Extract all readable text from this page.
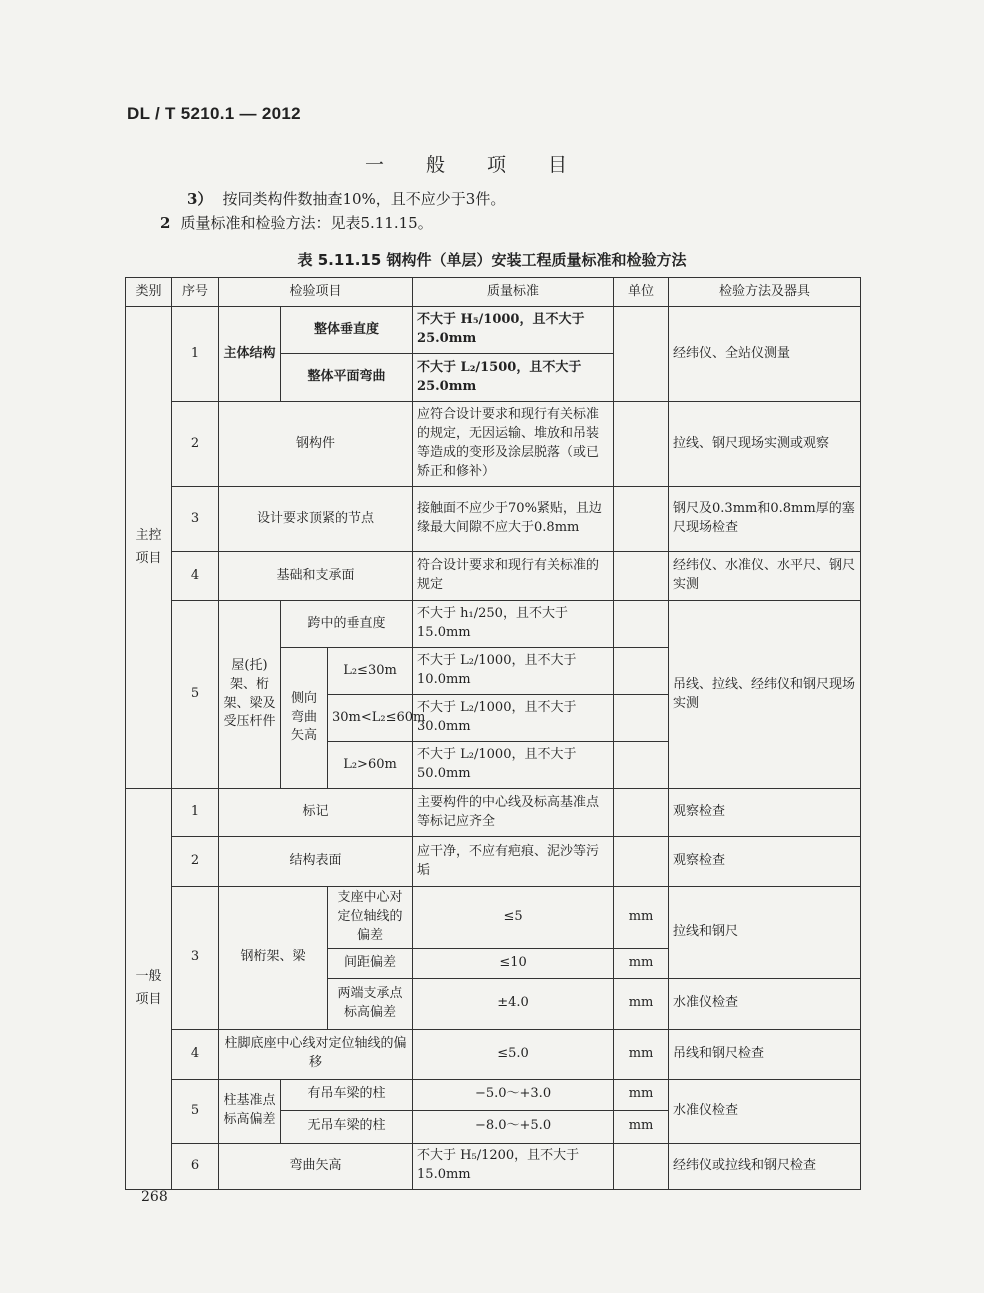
DL / T 5210.1 — 2012
一 般 项 目
3） 按同类构件数抽查10%，且不应少于3件。
2 质量标准和检验方法：见表5.11.15。
表 5.11.15 钢构件（单层）安装工程质量标准和检验方法
类别	序号	检验项目			质量标准	单位	检验方法及器具
主控项目	1	主体结构	整体垂直度		不大于 H₅/1000，且不大于25.0mm		经纬仪、全站仪测量
			整体平面弯曲		不大于 L₂/1500，且不大于25.0mm		
	2	钢构件			应符合设计要求和现行有关标准的规定，无因运输、堆放和吊装等造成的变形及涂层脱落（或已矫正和修补）		拉线、钢尺现场实测或观察
	3	设计要求顶紧的节点			接触面不应少于70%紧贴，且边缘最大间隙不应大于0.8mm		钢尺及0.3mm和0.8mm厚的塞尺现场检查
	4	基础和支承面			符合设计要求和现行有关标准的规定		经纬仪、水准仪、水平尺、钢尺实测
	5	屋(托)架、桁架、梁及受压杆件	跨中的垂直度		不大于 h₁/250，且不大于15.0mm		吊线、拉线、经纬仪和钢尺现场实测
			侧向弯曲矢高	L₂≤30m	不大于 L₂/1000，且不大于10.0mm		
				30m<L₂≤60m	不大于 L₂/1000，且不大于30.0mm		
				L₂>60m	不大于 L₂/1000，且不大于50.0mm		
一般项目	1	标记			主要构件的中心线及标高基准点等标记应齐全		观察检查
	2	结构表面			应干净，不应有疤痕、泥沙等污垢		观察检查
	3	钢桁架、梁		支座中心对定位轴线的偏差	≤5	mm	拉线和钢尺
				间距偏差	≤10	mm	
				两端支承点标高偏差	±4.0	mm	水准仪检查
	4	柱脚底座中心线对定位轴线的偏移			≤5.0	mm	吊线和钢尺检查
	5	柱基准点标高偏差	有吊车梁的柱		−5.0～+3.0	mm	水准仪检查
			无吊车梁的柱		−8.0～+5.0	mm	
	6	弯曲矢高			不大于 H₅/1200，且不大于15.0mm		经纬仪或拉线和钢尺检查
268
